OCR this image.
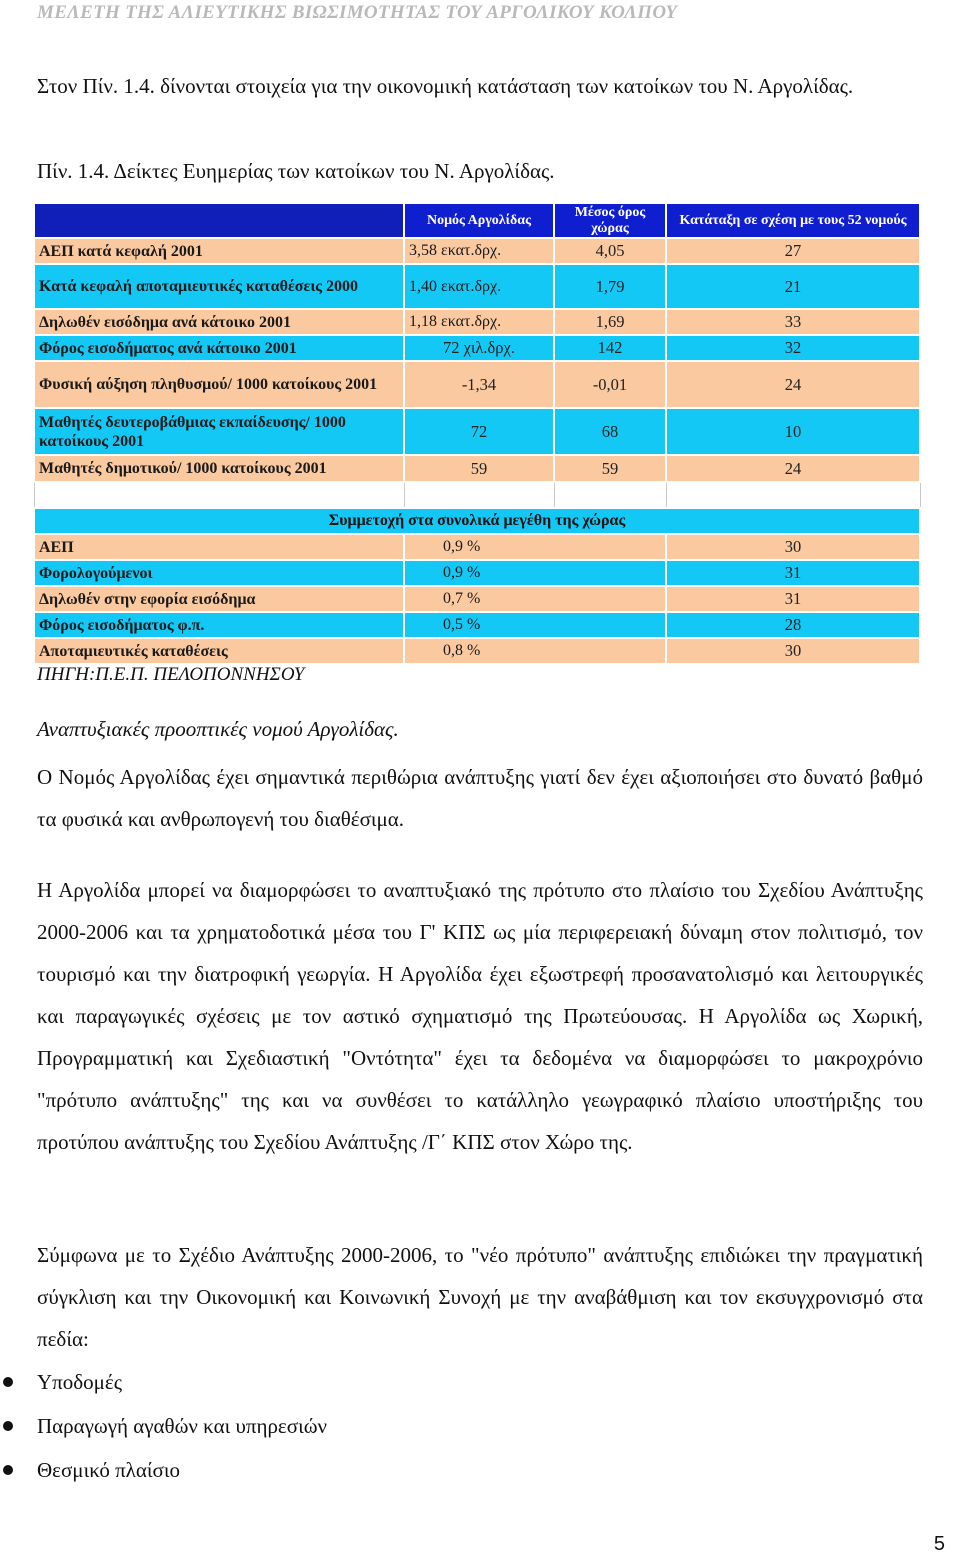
ΜΕΛΕΤΗ ΤΗΣ ΑΛΙΕΥΤΙΚΗΣ ΒΙΩΣΙΜΟΤΗΤΑΣ ΤΟΥ ΑΡΓΟΛΙΚΟΥ ΚΟΛΠΟΥ
Στον Πίν. 1.4. δίνονται στοιχεία για την οικονομική κατάσταση των κατοίκων του Ν. Αργολίδας.
Πίν. 1.4. Δείκτες Ευημερίας των κατοίκων του Ν. Αργολίδας.
	Νομός Αργολίδας	Μέσος όρος χώρας	Κατάταξη σε σχέση με τους 52 νομούς
ΑΕΠ κατά κεφαλή 2001	3,58 εκατ.δρχ.	4,05	27
Κατά κεφαλή αποταμιευτικές καταθέσεις 2000	1,40 εκατ.δρχ.	1,79	21
Δηλωθέν εισόδημα ανά κάτοικο 2001	1,18 εκατ.δρχ.	1,69	33
Φόρος εισοδήματος ανά κάτοικο 2001	72 χιλ.δρχ.	142	32
Φυσική αύξηση πληθυσμού/ 1000 κατοίκους 2001	-1,34	-0,01	24
Μαθητές δευτεροβάθμιας εκπαίδευσης/ 1000 κατοίκους 2001	72	68	10
Μαθητές δημοτικού/ 1000 κατοίκους 2001	59	59	24

Συμμετοχή στα συνολικά μεγέθη της χώρας			
ΑΕΠ	0,9 %		30
Φορολογούμενοι	0,9 %		31
Δηλωθέν στην εφορία εισόδημα	0,7 %		31
Φόρος εισοδήματος φ.π.	0,5 %		28
Αποταμιευτικές καταθέσεις	0,8 %		30
ΠΗΓΗ:Π.Ε.Π. ΠΕΛΟΠΟΝΝΗΣΟΥ
Αναπτυξιακές προοπτικές νομού Αργολίδας.
Ο Νομός Αργολίδας έχει σημαντικά περιθώρια ανάπτυξης γιατί δεν έχει αξιοποιήσει στο δυνατό βαθμό τα φυσικά και ανθρωπογενή του διαθέσιμα.
Η Αργολίδα μπορεί να διαμορφώσει το αναπτυξιακό της πρότυπο στο πλαίσιο του Σχεδίου Ανάπτυξης 2000-2006 και τα χρηματοδοτικά μέσα του Γ' ΚΠΣ ως μία περιφερειακή δύναμη στον πολιτισμό, τον τουρισμό και την διατροφική γεωργία. Η Αργολίδα έχει εξωστρεφή προσανατολισμό και λειτουργικές και παραγωγικές σχέσεις με τον αστικό σχηματισμό της Πρωτεύουσας. Η Αργολίδα ως Χωρική, Προγραμματική και Σχεδιαστική "Οντότητα" έχει τα δεδομένα να διαμορφώσει το μακροχρόνιο "πρότυπο ανάπτυξης" της και να συνθέσει το κατάλληλο γεωγραφικό πλαίσιο υποστήριξης του προτύπου ανάπτυξης του Σχεδίου Ανάπτυξης /Γ΄ ΚΠΣ στον Χώρο της.
Σύμφωνα με το Σχέδιο Ανάπτυξης 2000-2006, το "νέο πρότυπο" ανάπτυξης επιδιώκει την πραγματική σύγκλιση και την Οικονομική και Κοινωνική Συνοχή με την αναβάθμιση και τον εκσυγχρονισμό στα πεδία:
Υποδομές
Παραγωγή αγαθών και υπηρεσιών
Θεσμικό πλαίσιο
5
